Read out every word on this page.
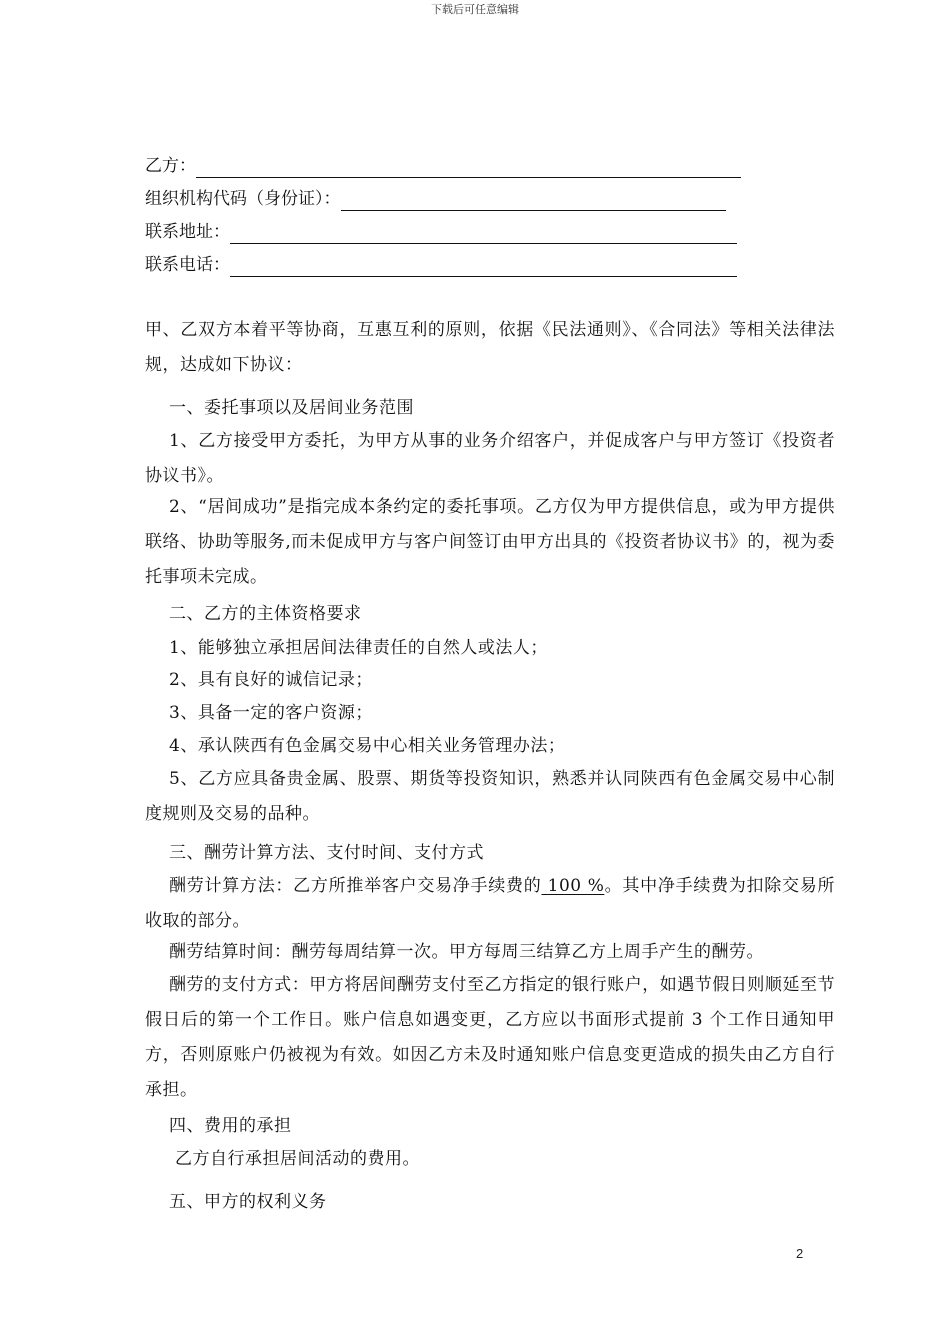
下载后可任意编辑
乙方：
组织机构代码（身份证）：
联系地址：
联系电话：

甲、乙双方本着平等协商，互惠互利的原则，依据《民法通则》、《合同法》等相关法律法规，达成如下协议：

一、委托事项以及居间业务范围

1、乙方接受甲方委托，为甲方从事的业务介绍客户，并促成客户与甲方签订《投资者协议书》。

2、“居间成功”是指完成本条约定的委托事项。乙方仅为甲方提供信息，或为甲方提供联络、协助等服务,而未促成甲方与客户间签订由甲方出具的《投资者协议书》的，视为委托事项未完成。

二、乙方的主体资格要求

1、能够独立承担居间法律责任的自然人或法人；

2、具有良好的诚信记录；

3、具备一定的客户资源；

4、承认陕西有色金属交易中心相关业务管理办法；

5、乙方应具备贵金属、股票、期货等投资知识，熟悉并认同陕西有色金属交易中心制度规则及交易的品种。

三、酬劳计算方法、支付时间、支付方式

酬劳计算方法：乙方所推举客户交易净手续费的 100 %。其中净手续费为扣除交易所收取的部分。

酬劳结算时间：酬劳每周结算一次。甲方每周三结算乙方上周手产生的酬劳。

酬劳的支付方式：甲方将居间酬劳支付至乙方指定的银行账户，如遇节假日则顺延至节假日后的第一个工作日。账户信息如遇变更，乙方应以书面形式提前 3 个工作日通知甲方，否则原账户仍被视为有效。如因乙方未及时通知账户信息变更造成的损失由乙方自行承担。

四、费用的承担

乙方自行承担居间活动的费用。

五、甲方的权利义务

2
